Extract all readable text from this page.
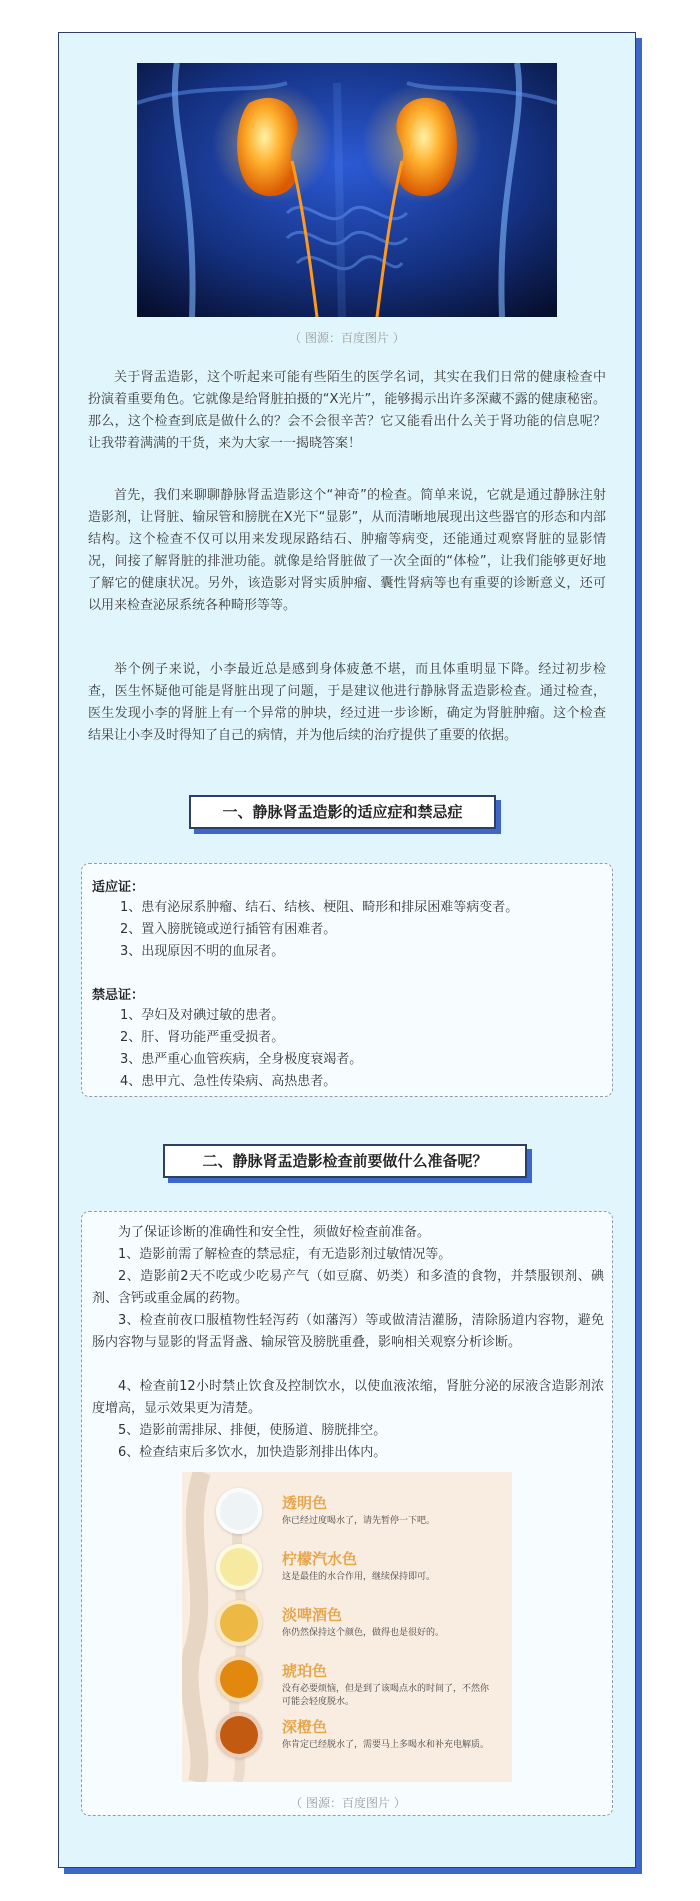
（ 图源：百度图片 ）

关于肾盂造影，这个听起来可能有些陌生的医学名词，其实在我们日常的健康检查中扮演着重要角色。它就像是给肾脏拍摄的“X光片”，能够揭示出许多深藏不露的健康秘密。那么，这个检查到底是做什么的？会不会很辛苦？它又能看出什么关于肾功能的信息呢？让我带着满满的干货，来为大家一一揭晓答案！

首先，我们来聊聊静脉肾盂造影这个“神奇”的检查。简单来说，它就是通过静脉注射造影剂，让肾脏、输尿管和膀胱在X光下“显影”，从而清晰地展现出这些器官的形态和内部结构。这个检查不仅可以用来发现尿路结石、肿瘤等病变，还能通过观察肾脏的显影情况，间接了解肾脏的排泄功能。就像是给肾脏做了一次全面的“体检”，让我们能够更好地了解它的健康状况。另外，该造影对肾实质肿瘤、囊性肾病等也有重要的诊断意义，还可以用来检查泌尿系统各种畸形等等。

举个例子来说，小李最近总是感到身体疲惫不堪，而且体重明显下降。经过初步检查，医生怀疑他可能是肾脏出现了问题，于是建议他进行静脉肾盂造影检查。通过检查，医生发现小李的肾脏上有一个异常的肿块，经过进一步诊断，确定为肾脏肿瘤。这个检查结果让小李及时得知了自己的病情，并为他后续的治疗提供了重要的依据。

一、静脉肾盂造影的适应症和禁忌症
适应证：
1、患有泌尿系肿瘤、结石、结核、梗阻、畸形和排尿困难等病变者。
2、置入膀胱镜或逆行插管有困难者。
3、出现原因不明的血尿者。
禁忌证：
1、孕妇及对碘过敏的患者。
2、肝、肾功能严重受损者。
3、患严重心血管疾病，全身极度衰竭者。
4、患甲亢、急性传染病、高热患者。
二、静脉肾盂造影检查前要做什么准备呢？

为了保证诊断的准确性和安全性，须做好检查前准备。

1、造影前需了解检查的禁忌症，有无造影剂过敏情况等。

2、造影前2天不吃或少吃易产气（如豆腐、奶类）和多渣的食物，并禁服钡剂、碘剂、含钙或重金属的药物。

3、检查前夜口服植物性轻泻药（如藩泻）等或做清洁灌肠，清除肠道内容物，避免肠内容物与显影的肾盂肾盏、输尿管及膀胱重叠，影响相关观察分析诊断。

4、检查前12小时禁止饮食及控制饮水，以使血液浓缩，肾脏分泌的尿液含造影剂浓度增高，显示效果更为清楚。

5、造影前需排尿、排便，使肠道、膀胱排空。

6、检查结束后多饮水，加快造影剂排出体内。

透明色
你已经过度喝水了，请先暂停一下吧。
柠檬汽水色
这是最佳的水合作用，继续保持即可。
淡啤酒色
你仍然保持这个颜色，做得也是很好的。
琥珀色
没有必要烦恼，但是到了该喝点水的时间了，不然你可能会轻度脱水。
深橙色
你肯定已经脱水了，需要马上多喝水和补充电解质。
（ 图源：百度图片 ）
